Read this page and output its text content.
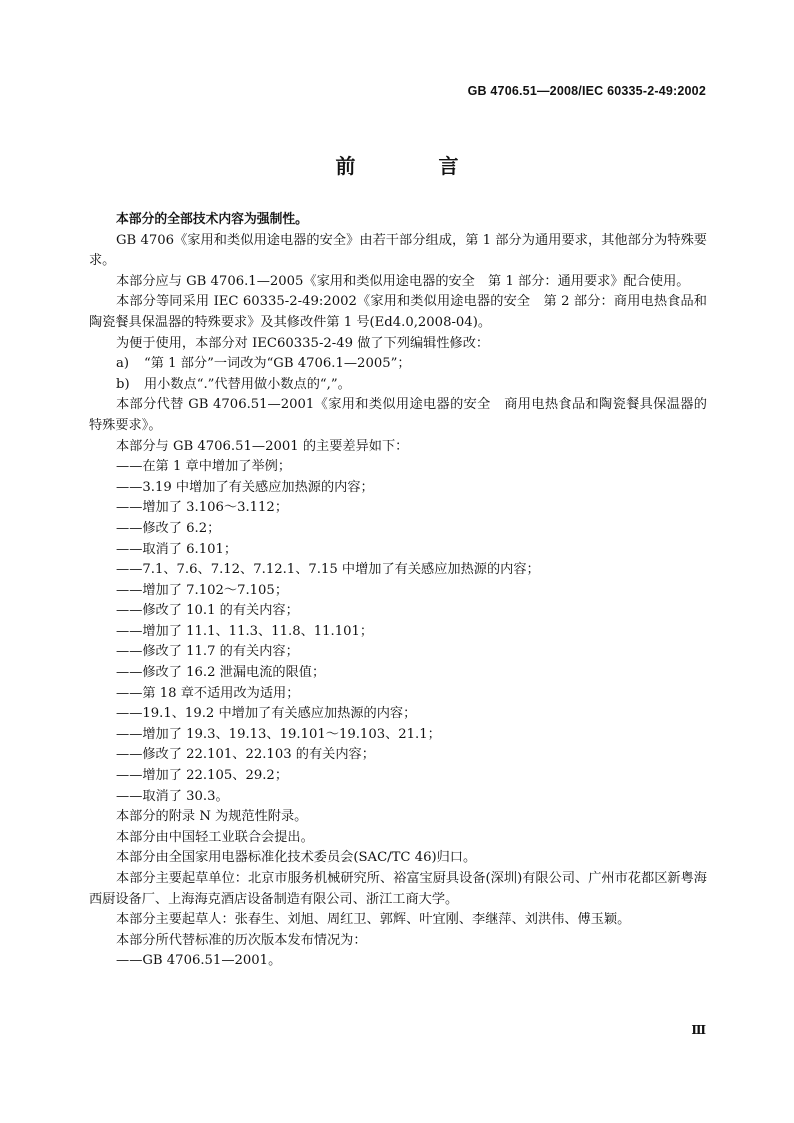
GB 4706.51—2008/IEC 60335-2-49:2002
前 言

本部分的全部技术内容为强制性。

GB 4706《家用和类似用途电器的安全》由若干部分组成，第 1 部分为通用要求，其他部分为特殊要求。

本部分应与 GB 4706.1—2005《家用和类似用途电器的安全　第 1 部分：通用要求》配合使用。

本部分等同采用 IEC 60335-2-49:2002《家用和类似用途电器的安全　第 2 部分：商用电热食品和陶瓷餐具保温器的特殊要求》及其修改件第 1 号(Ed4.0,2008-04)。

为便于使用，本部分对 IEC60335-2-49 做了下列编辑性修改：

a) “第 1 部分”一词改为“GB 4706.1—2005”；

b) 用小数点“.”代替用做小数点的“,”。

本部分代替 GB 4706.51—2001《家用和类似用途电器的安全　商用电热食品和陶瓷餐具保温器的特殊要求》。

本部分与 GB 4706.51—2001 的主要差异如下：

——在第 1 章中增加了举例；

——3.19 中增加了有关感应加热源的内容；

——增加了 3.106～3.112；

——修改了 6.2；

——取消了 6.101；

——7.1、7.6、7.12、7.12.1、7.15 中增加了有关感应加热源的内容；

——增加了 7.102～7.105；

——修改了 10.1 的有关内容；

——增加了 11.1、11.3、11.8、11.101；

——修改了 11.7 的有关内容；

——修改了 16.2 泄漏电流的限值；

——第 18 章不适用改为适用；

——19.1、19.2 中增加了有关感应加热源的内容；

——增加了 19.3、19.13、19.101～19.103、21.1；

——修改了 22.101、22.103 的有关内容；

——增加了 22.105、29.2；

——取消了 30.3。

本部分的附录 N 为规范性附录。

本部分由中国轻工业联合会提出。

本部分由全国家用电器标准化技术委员会(SAC/TC 46)归口。

本部分主要起草单位：北京市服务机械研究所、裕富宝厨具设备(深圳)有限公司、广州市花都区新粤海西厨设备厂、上海海克酒店设备制造有限公司、浙江工商大学。

本部分主要起草人：张春生、刘旭、周红卫、郭辉、叶宜刚、李继萍、刘洪伟、傅玉颖。

本部分所代替标准的历次版本发布情况为：

——GB 4706.51—2001。

Ⅲ
